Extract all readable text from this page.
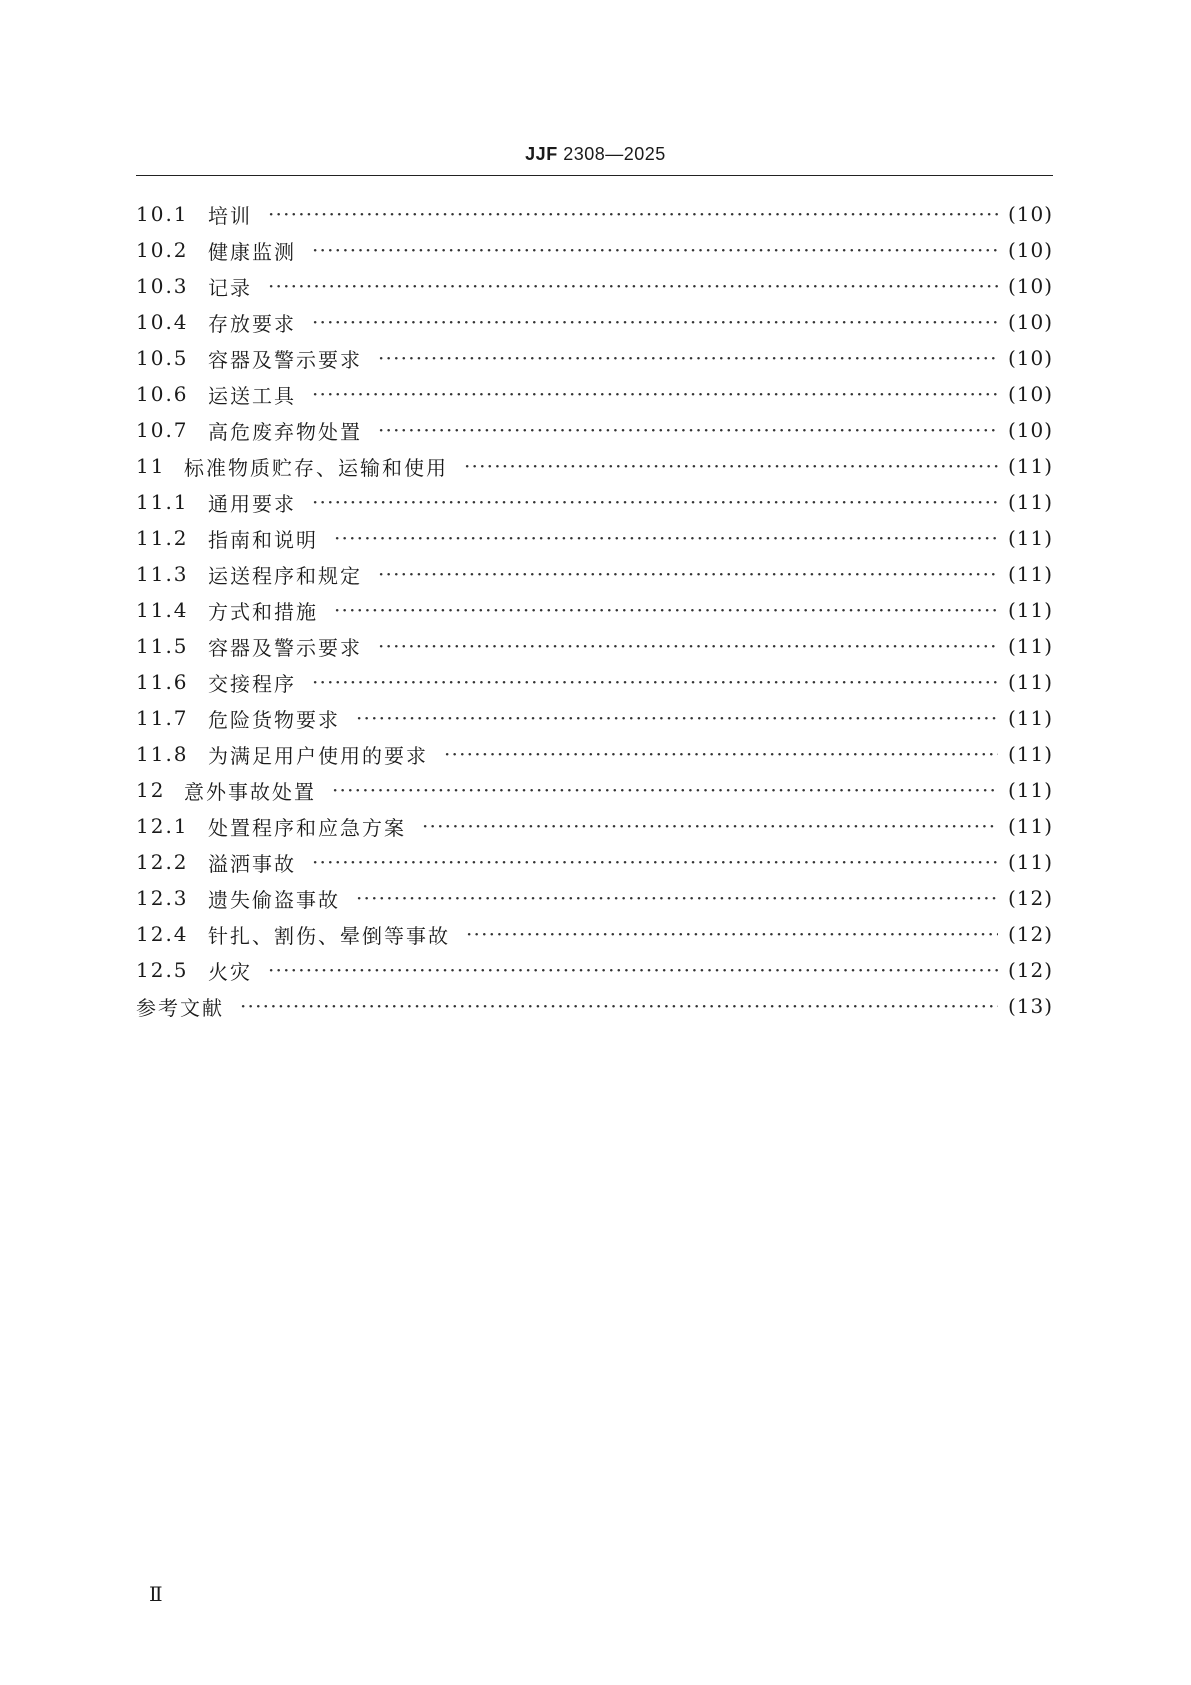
JJF 2308—2025
10.1 培训 ·····	(10)
10.2 健康监测 ·····	(10)
10.3 记录 ·····	(10)
10.4 存放要求 ·····	(10)
10.5 容器及警示要求 ·····	(10)
10.6 运送工具 ·····	(10)
10.7 高危废弃物处置 ·····	(10)
11 标准物质贮存、运输和使用 ·····	(11)
11.1 通用要求 ·····	(11)
11.2 指南和说明 ·····	(11)
11.3 运送程序和规定 ·····	(11)
11.4 方式和措施 ·····	(11)
11.5 容器及警示要求 ·····	(11)
11.6 交接程序 ·····	(11)
11.7 危险货物要求 ·····	(11)
11.8 为满足用户使用的要求 ·····	(11)
12 意外事故处置 ·····	(11)
12.1 处置程序和应急方案 ·····	(11)
12.2 溢洒事故 ·····	(11)
12.3 遗失偷盗事故 ·····	(12)
12.4 针扎、割伤、晕倒等事故 ·····	(12)
12.5 火灾 ·····	(12)
参考文献 ·····	(13)
Ⅱ
